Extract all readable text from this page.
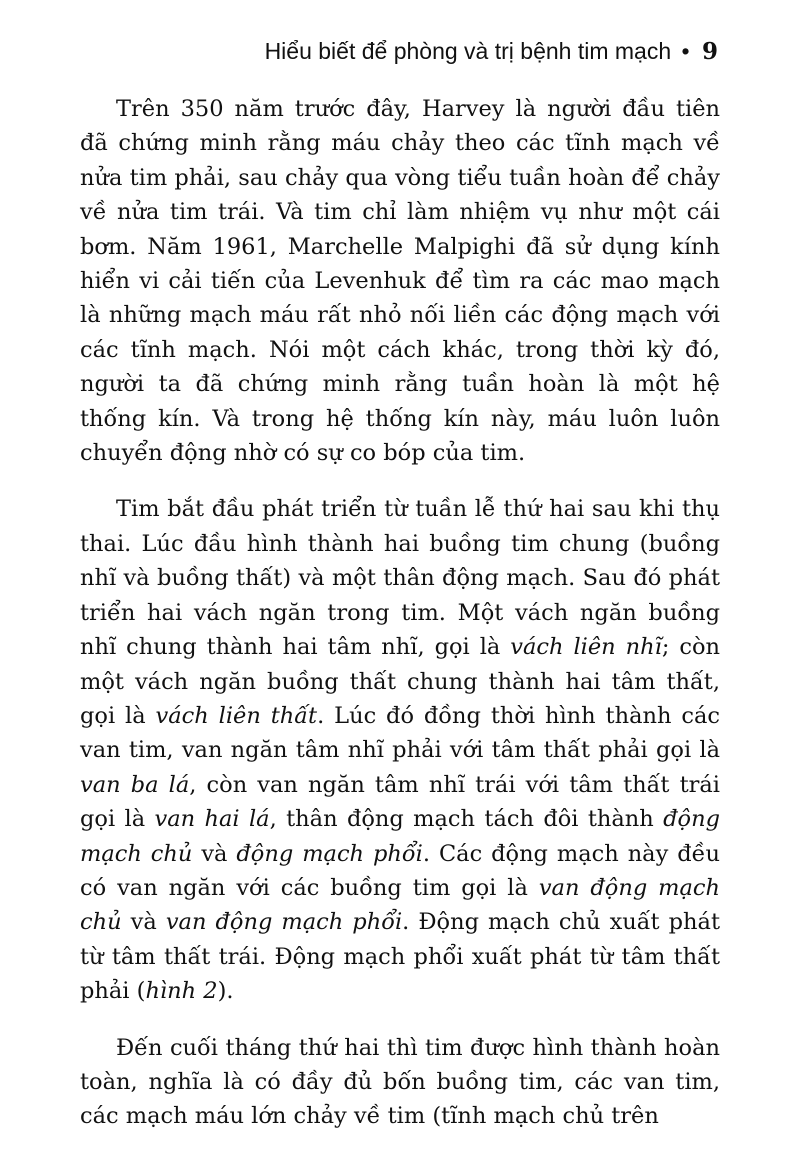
Hiểu biết để phòng và trị bệnh tim mạch • 9

Trên 350 năm trước đây, Harvey là người đầu tiên đã chứng minh rằng máu chảy theo các tĩnh mạch về nửa tim phải, sau chảy qua vòng tiểu tuần hoàn để chảy về nửa tim trái. Và tim chỉ làm nhiệm vụ như một cái bơm. Năm 1961, Marchelle Malpighi đã sử dụng kính hiển vi cải tiến của Levenhuk để tìm ra các mao mạch là những mạch máu rất nhỏ nối liền các động mạch với các tĩnh mạch. Nói một cách khác, trong thời kỳ đó, người ta đã chứng minh rằng tuần hoàn là một hệ thống kín. Và trong hệ thống kín này, máu luôn luôn chuyển động nhờ có sự co bóp của tim.

Tim bắt đầu phát triển từ tuần lễ thứ hai sau khi thụ thai. Lúc đầu hình thành hai buồng tim chung (buồng nhĩ và buồng thất) và một thân động mạch. Sau đó phát triển hai vách ngăn trong tim. Một vách ngăn buồng nhĩ chung thành hai tâm nhĩ, gọi là vách liên nhĩ; còn một vách ngăn buồng thất chung thành hai tâm thất, gọi là vách liên thất. Lúc đó đồng thời hình thành các van tim, van ngăn tâm nhĩ phải với tâm thất phải gọi là van ba lá, còn van ngăn tâm nhĩ trái với tâm thất trái gọi là van hai lá, thân động mạch tách đôi thành động mạch chủ và động mạch phổi. Các động mạch này đều có van ngăn với các buồng tim gọi là van động mạch chủ và van động mạch phổi. Động mạch chủ xuất phát từ tâm thất trái. Động mạch phổi xuất phát từ tâm thất phải (hình 2).

Đến cuối tháng thứ hai thì tim được hình thành hoàn toàn, nghĩa là có đầy đủ bốn buồng tim, các van tim, các mạch máu lớn chảy về tim (tĩnh mạch chủ trên
